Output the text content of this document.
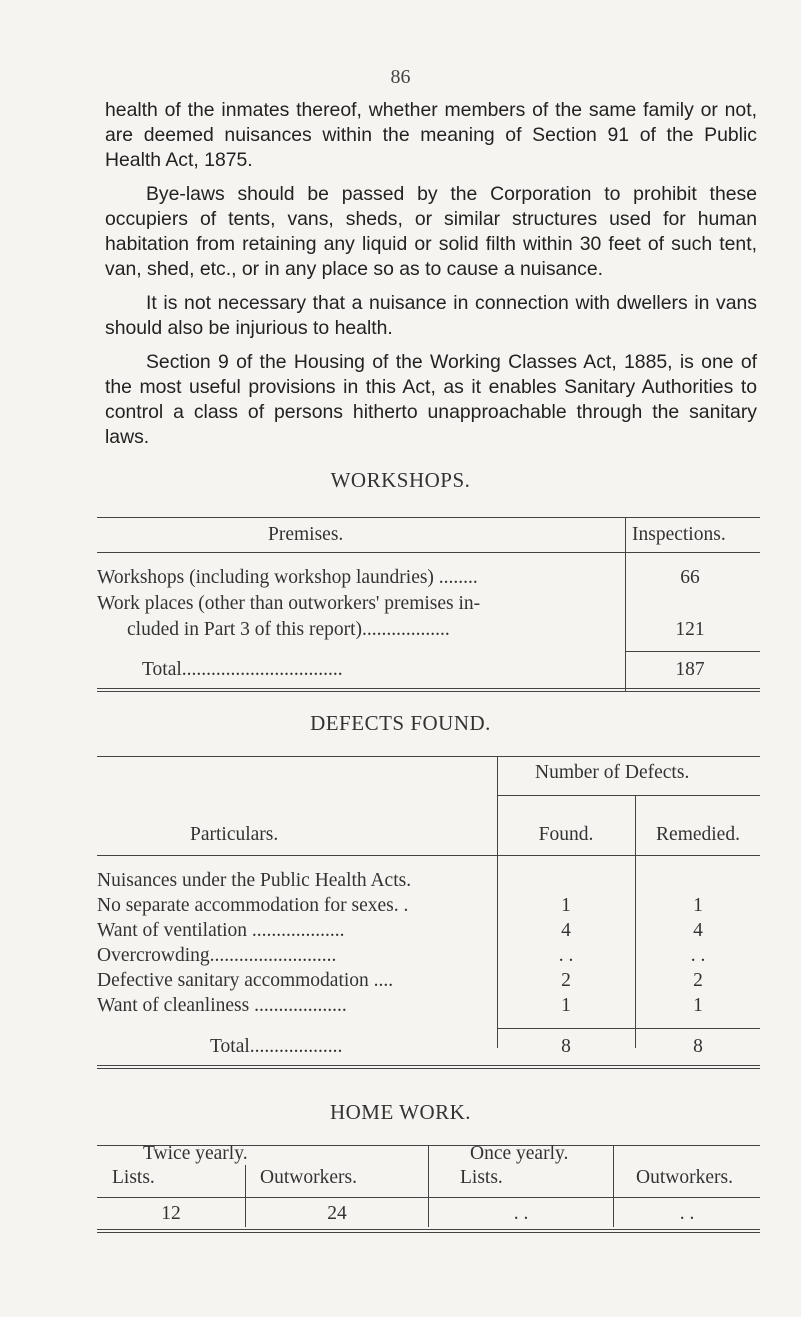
86

health of the inmates thereof, whether members of the same family or not, are deemed nuisances within the meaning of Section 91 of the Public Health Act, 1875.

Bye-laws should be passed by the Corporation to prohibit these occupiers of tents, vans, sheds, or similar structures used for human habitation from retaining any liquid or solid filth within 30 feet of such tent, van, shed, etc., or in any place so as to cause a nuisance.

It is not necessary that a nuisance in connection with dwellers in vans should also be injurious to health.

Section 9 of the Housing of the Working Classes Act, 1885, is one of the most useful provisions in this Act, as it enables Sanitary Authorities to control a class of persons hitherto unapproachable through the sanitary laws.

WORKSHOPS.
Premises.	Inspections.
Workshops (including workshop laundries) ........	66
Work places (other than outworkers' premises in-
cluded in Part 3 of this report)..................	121
Total.................................	187
DEFECTS FOUND.
Number of Defects.
Particulars.	Found.	Remedied.
Nuisances under the Public Health Acts.
No separate accommodation for sexes. .	1	1
Want of ventilation ...................	4	4
Overcrowding..........................	. .	. .
Defective sanitary accommodation ....	2	2
Want of cleanliness ...................	1	1
Total...................	8	8
HOME WORK.
Twice yearly.	Once yearly.
Lists.	Outworkers.	Lists.	Outworkers.
12	24	. .	. .
